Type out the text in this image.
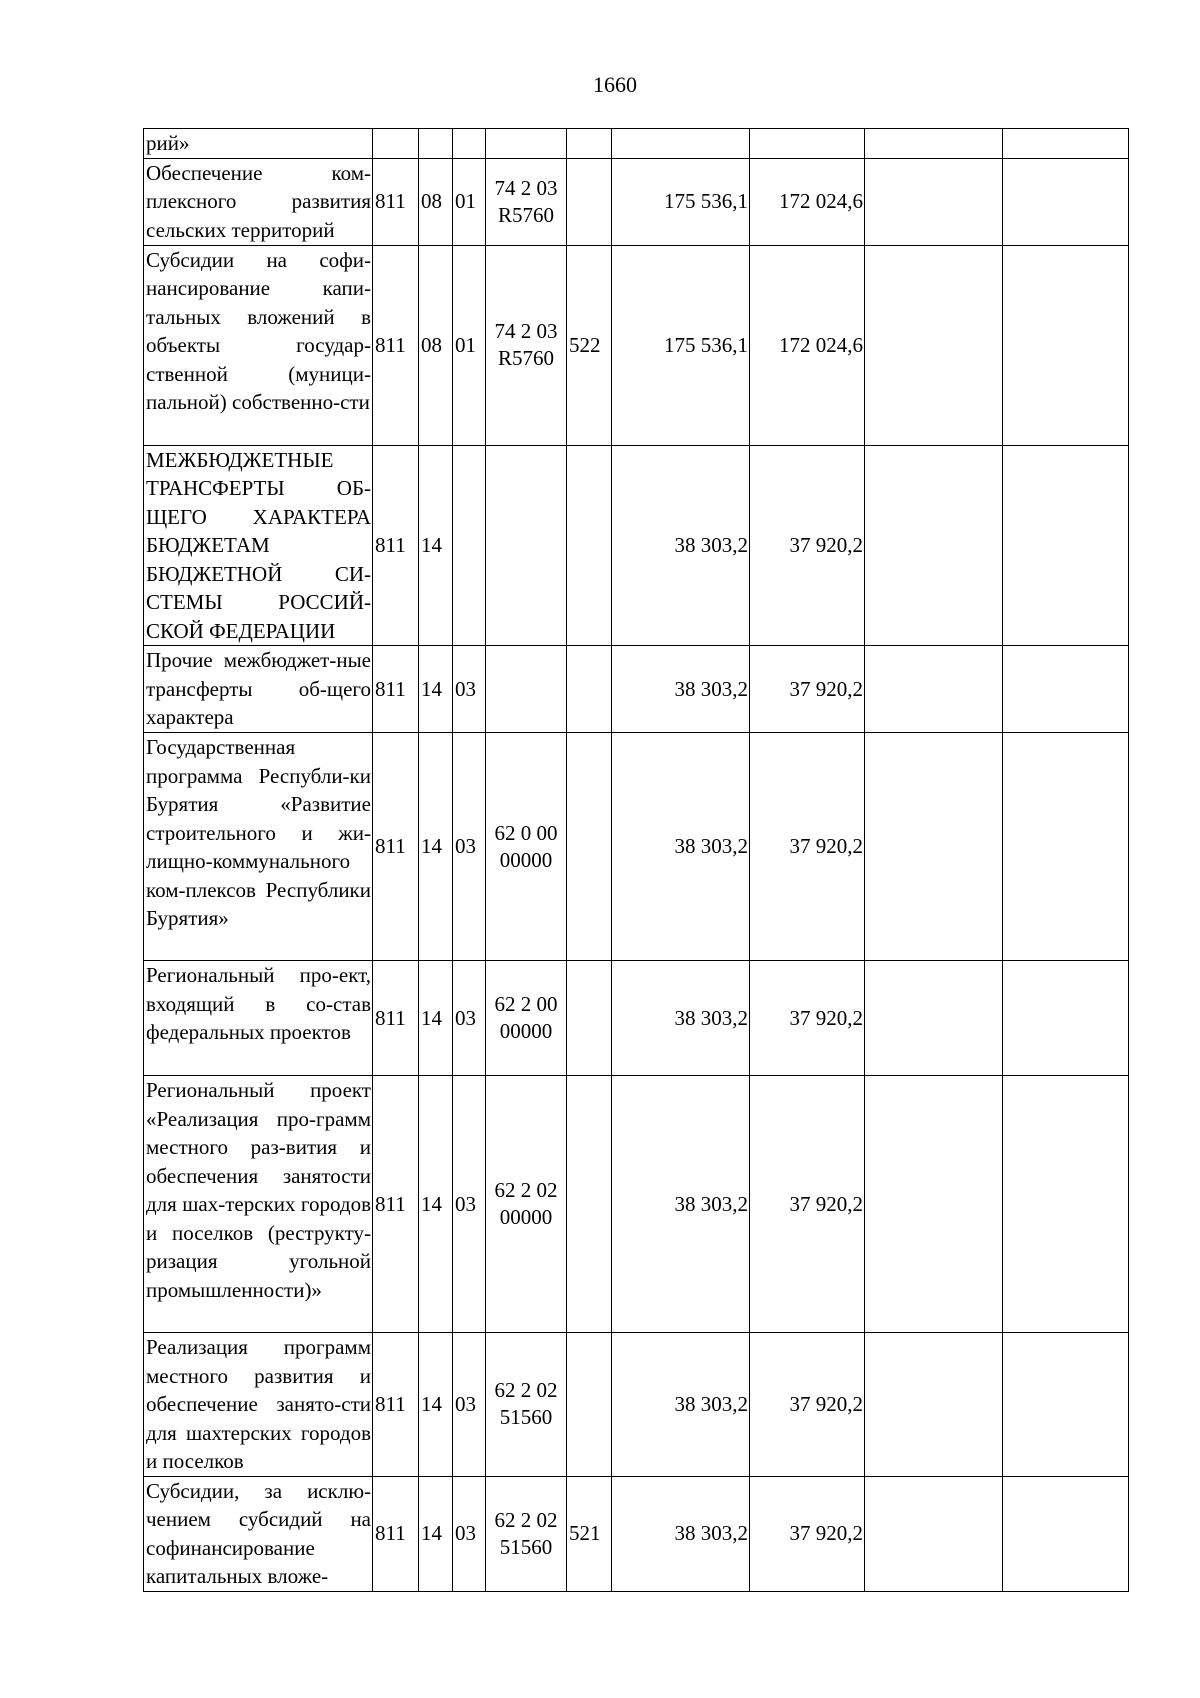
1660
рий»									
Обеспечение ком-плексного развития сельских территорий	811	08	01	74 2 03 R5760		175 536,1	172 024,6		
Субсидии на софи-нансирование капи-тальных вложений в объекты государ-ственной (муници-пальной) собственно-сти	811	08	01	74 2 03 R5760	522	175 536,1	172 024,6		
МЕЖБЮДЖЕТНЫЕ ТРАНСФЕРТЫ ОБ-ЩЕГО ХАРАКТЕРА БЮДЖЕТАМ БЮДЖЕТНОЙ СИ-СТЕМЫ РОССИЙ-СКОЙ ФЕДЕРАЦИИ	811	14				38 303,2	37 920,2		
Прочие межбюджет-ные трансферты об-щего характера	811	14	03			38 303,2	37 920,2		
Государственная программа Республи-ки Бурятия «Развитие строительного и жи-лищно-коммунального ком-плексов Республики Бурятия»	811	14	03	62 0 00 00000		38 303,2	37 920,2		
Региональный про-ект, входящий в со-став федеральных проектов	811	14	03	62 2 00 00000		38 303,2	37 920,2		
Региональный проект «Реализация про-грамм местного раз-вития и обеспечения занятости для шах-терских городов и поселков (реструкту-ризация угольной промышленности)»	811	14	03	62 2 02 00000		38 303,2	37 920,2		
Реализация программ местного развития и обеспечение занято-сти для шахтерских городов и поселков	811	14	03	62 2 02 51560		38 303,2	37 920,2		
Субсидии, за исклю-чением субсидий на софинансирование капитальных вложе-	811	14	03	62 2 02 51560	521	38 303,2	37 920,2		
